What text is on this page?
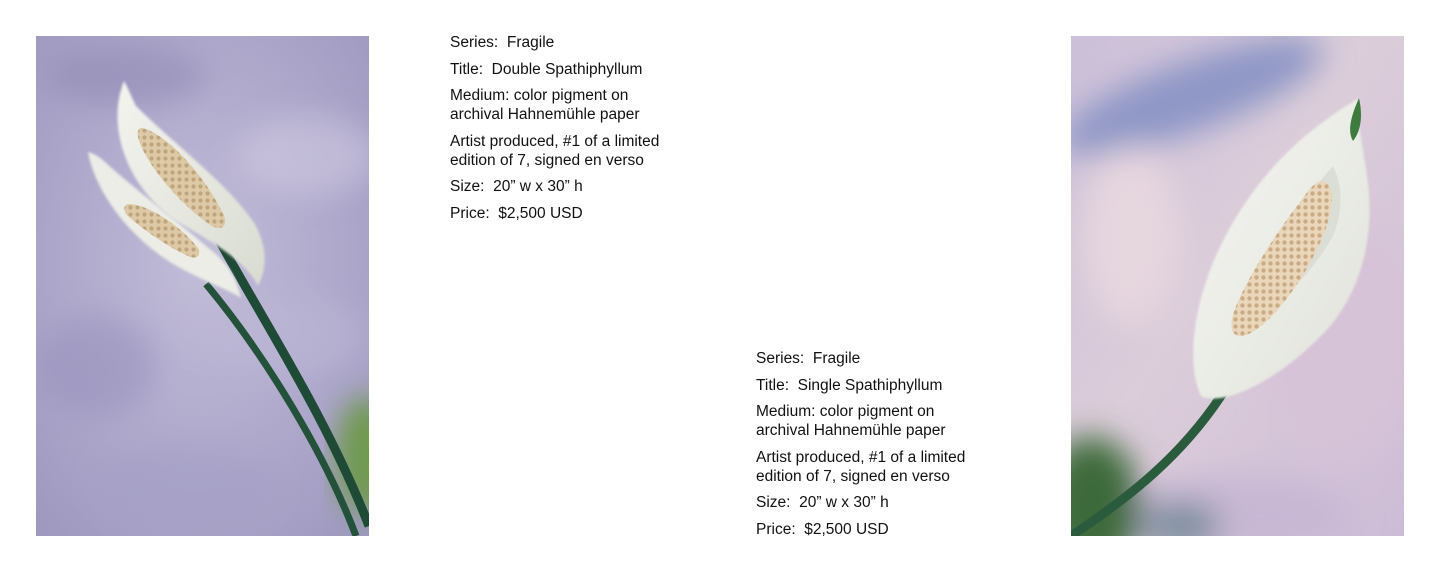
Series:
Fragile
Title:
Double Spathiphyllum
Medium: color pigment on
archival Hahnemühle paper
Artist produced, #1 of a limited
edition of 7, signed en verso
Size:
20” w x 30” h
Price:
$2,500 USD
Series:
Fragile
Title:
Single Spathiphyllum
Medium: color pigment on
archival Hahnemühle paper
Artist produced, #1 of a limited
edition of 7, signed en verso
Size:
20” w x 30” h
Price:
$2,500 USD
